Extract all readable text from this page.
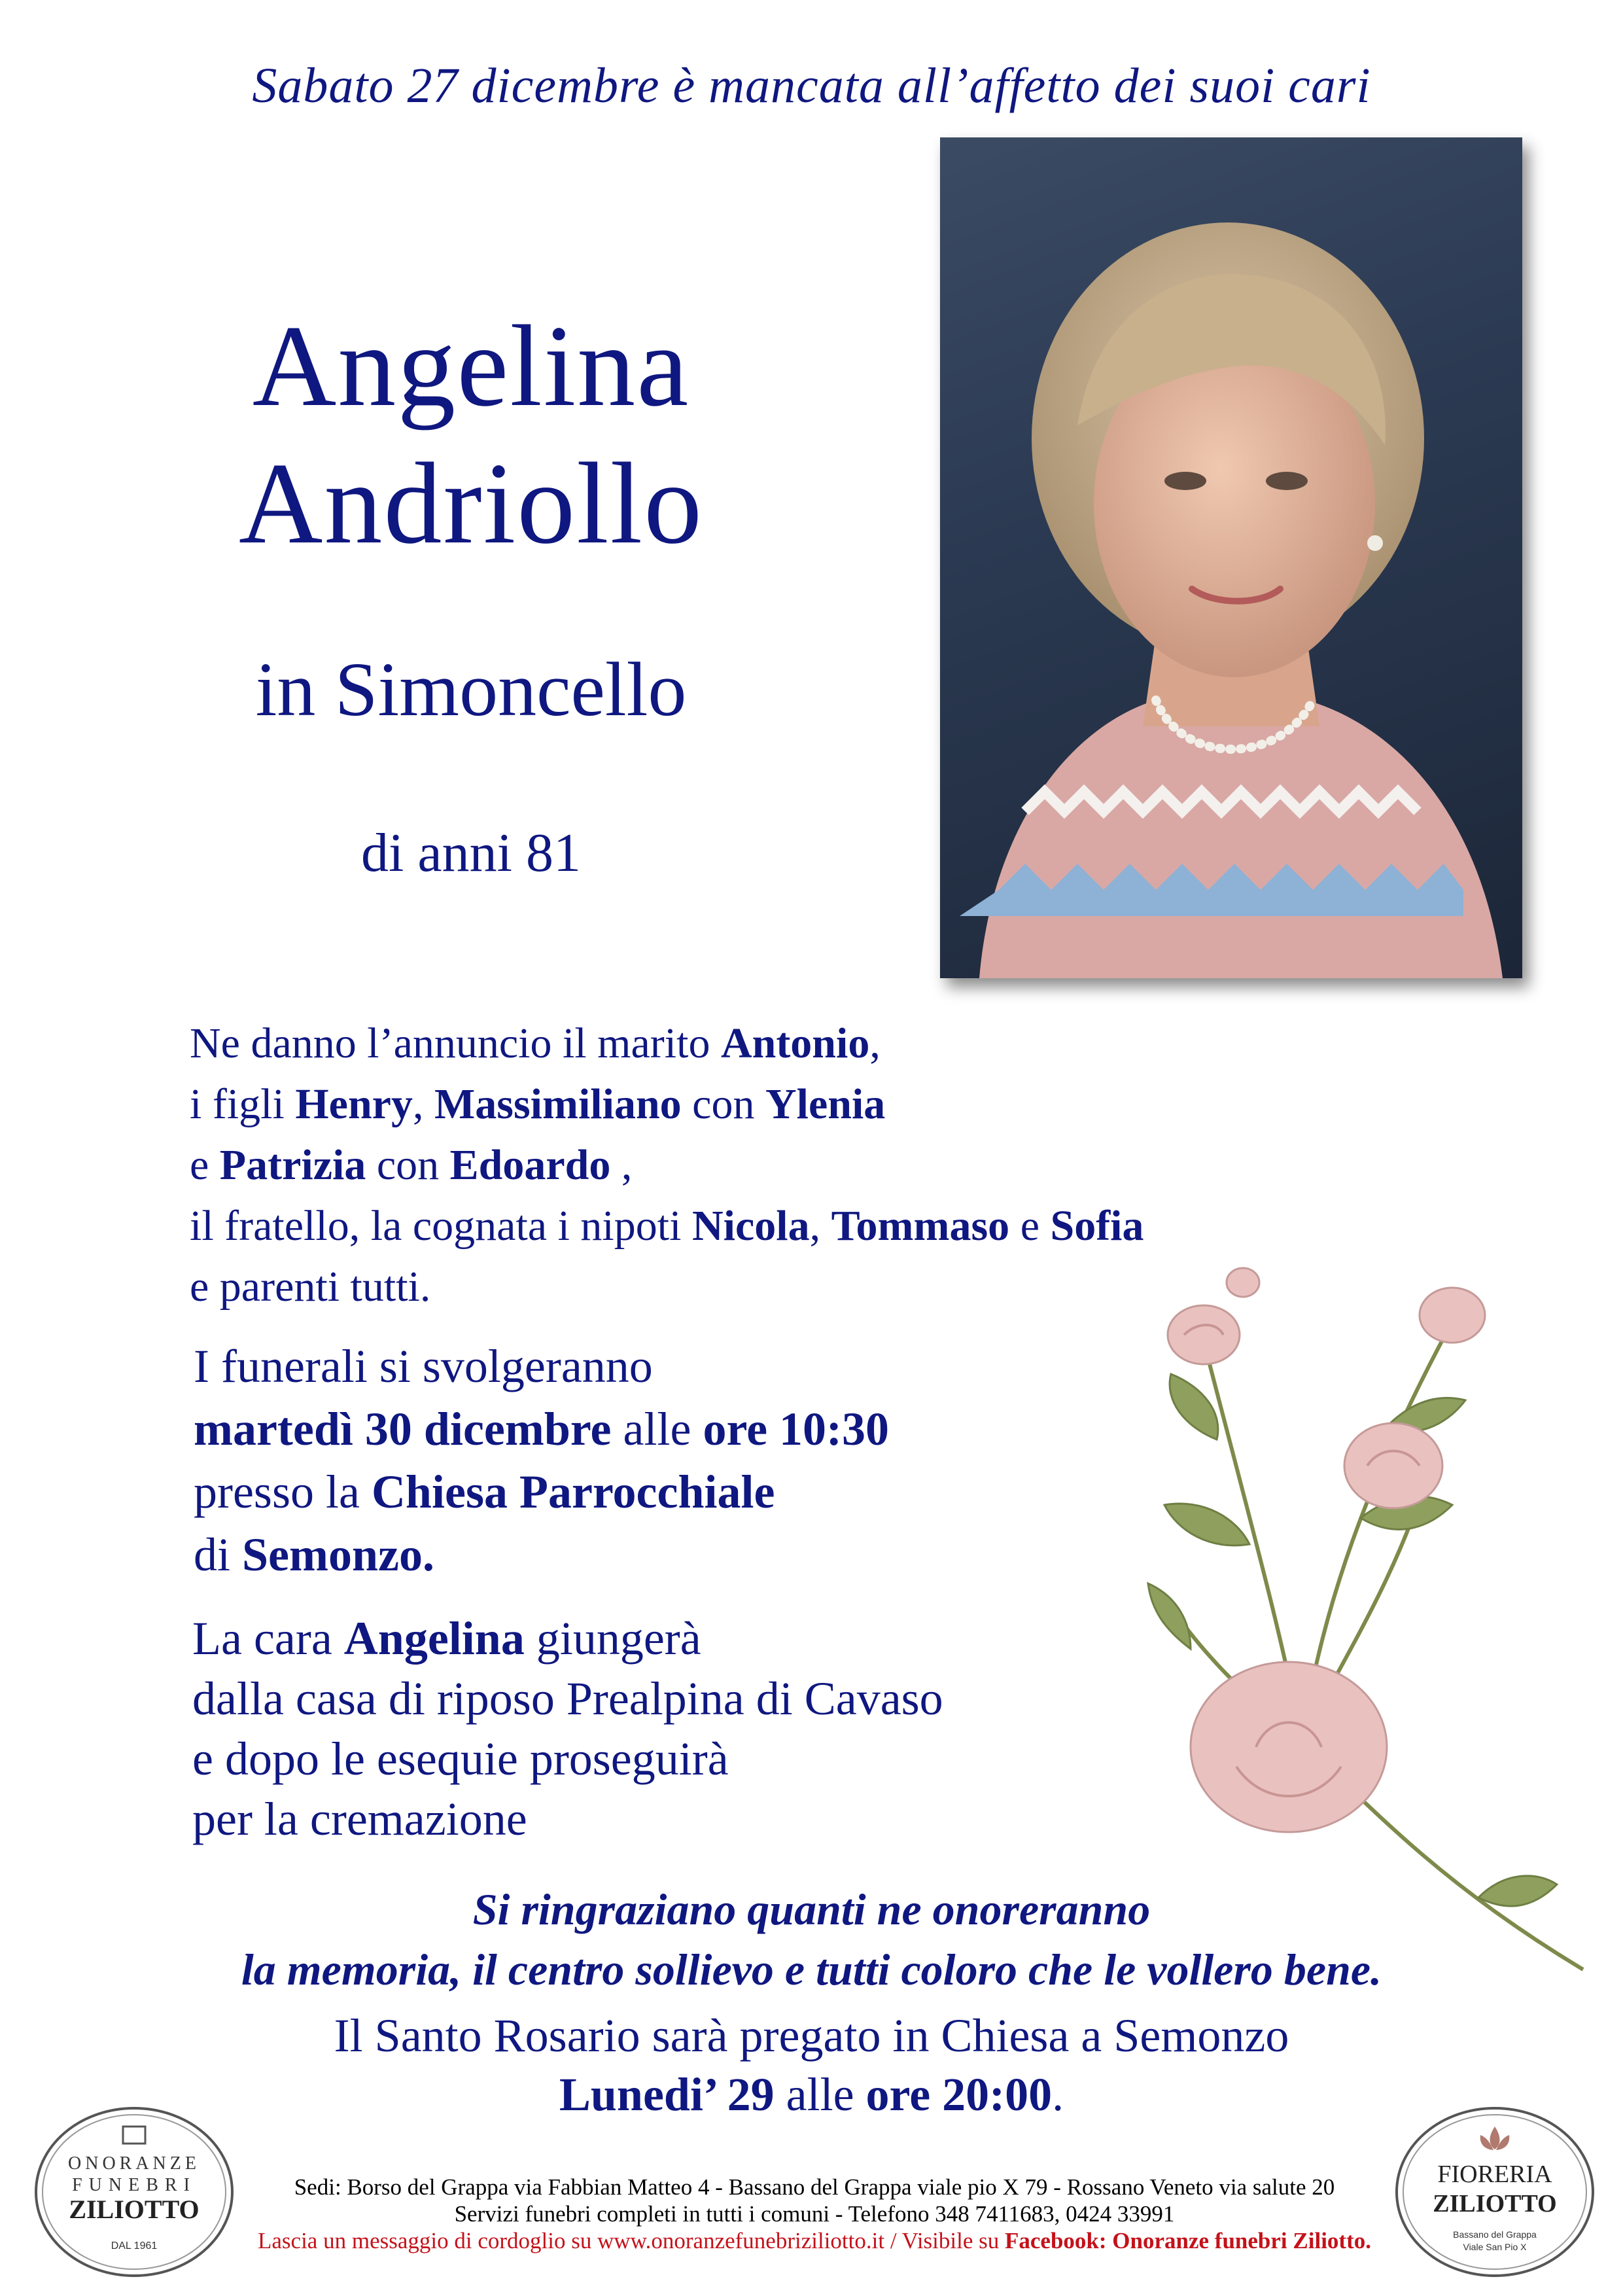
Sabato 27 dicembre è mancata all’affetto dei suoi cari
Angelina
Andriollo
in Simoncello
di anni 81
Ne danno l’annuncio il marito Antonio,
i figli Henry, Massimiliano con Ylenia
e Patrizia con Edoardo ,
il fratello, la cognata i nipoti Nicola, Tommaso e Sofia
e parenti tutti.
I funerali si svolgeranno
martedì 30 dicembre alle ore 10:30
presso la Chiesa Parrocchiale
di Semonzo.
La cara Angelina giungerà
dalla casa di riposo Prealpina di Cavaso
e dopo le esequie proseguirà
per la cremazione
Si ringraziano quanti ne onoreranno
la memoria, il centro sollievo e tutti coloro che le vollero bene.
Il Santo Rosario sarà pregato in Chiesa a Semonzo
Lunedi’ 29 alle ore 20:00.
ONORANZE
FUNEBRI
ZILIOTTO
DAL 1961
FIORERIA
ZILIOTTO
Bassano del Grappa
Viale San Pio X
Sedi: Borso del Grappa via Fabbian Matteo 4 - Bassano del Grappa viale pio X 79 - Rossano Veneto via salute 20
Servizi funebri completi in tutti i comuni - Telefono 348 7411683, 0424 33991
Lascia un messaggio di cordoglio su www.onoranzefunebriziliotto.it / Visibile su Facebook: Onoranze funebri Ziliotto.
